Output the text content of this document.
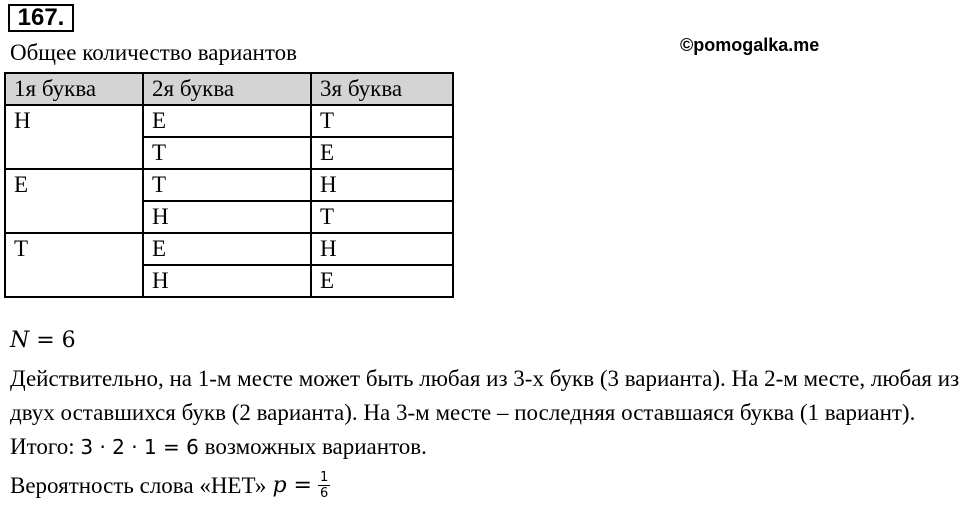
167.
Общее количество вариантов	©pomogalka.me
1я буква	2я буква	3я буква
Н	Е	Т
	Т	Е
Е	Т	Н
	Н	Т
Т	Е	Н
	Н	Е
N = 6
Действительно, на 1-м месте может быть любая из 3-х букв (3 варианта). На 2-м месте, любая из двух оставшихся букв (2 варианта). На 3-м месте – последняя оставшаяся буква (1 вариант). Итого: 3 · 2 · 1 = 6 возможных вариантов.
Вероятность слова «НЕТ» $p = \frac{1}{6}$
